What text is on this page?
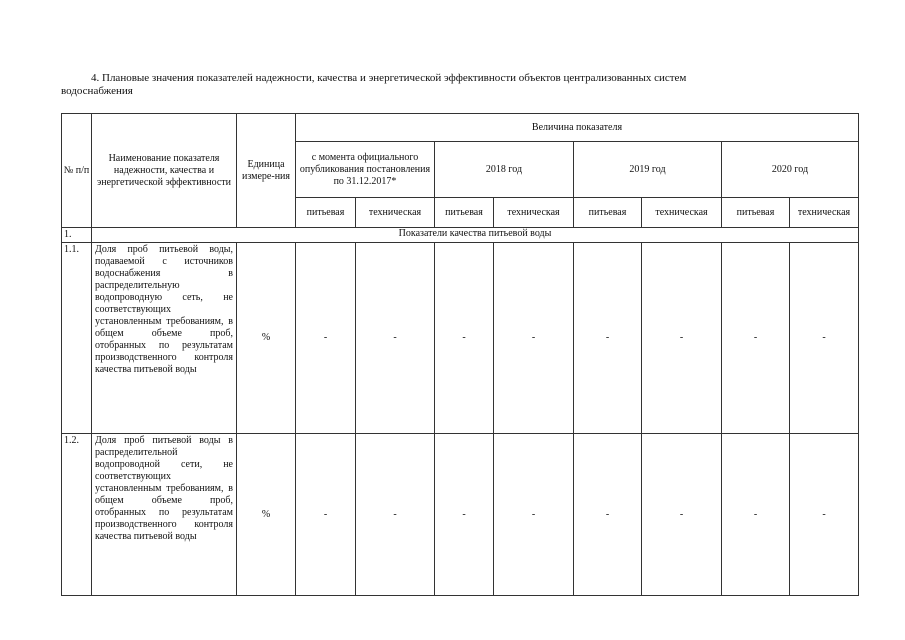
4. Плановые значения показателей надежности, качества и энергетической эффективности объектов централизованных систем
водоснабжения
№ п/п	Наименование показателя надежности, качества и энергетической эффективности	Единица измере-ния	Величина показателя							
			с момента официального опубликования постановления по 31.12.2017*		2018 год		2019 год		2020 год	
			питьевая	техническая	питьевая	техническая	питьевая	техническая	питьевая	техническая
1.	Показатели качества питьевой воды									
1.1.	Доля проб питьевой воды, подаваемой с источников водоснабжения в распределительную водопроводную сеть, не соответствующих установленным требованиям, в общем объеме проб, отобранных по результатам производственного контроля качества питьевой воды	%	-	-	-	-	-	-	-	-
1.2.	Доля проб питьевой воды в распределительной водопроводной сети, не соответствующих установленным требованиям, в общем объеме проб, отобранных по результатам производственного контроля качества питьевой воды	%	-	-	-	-	-	-	-	-
